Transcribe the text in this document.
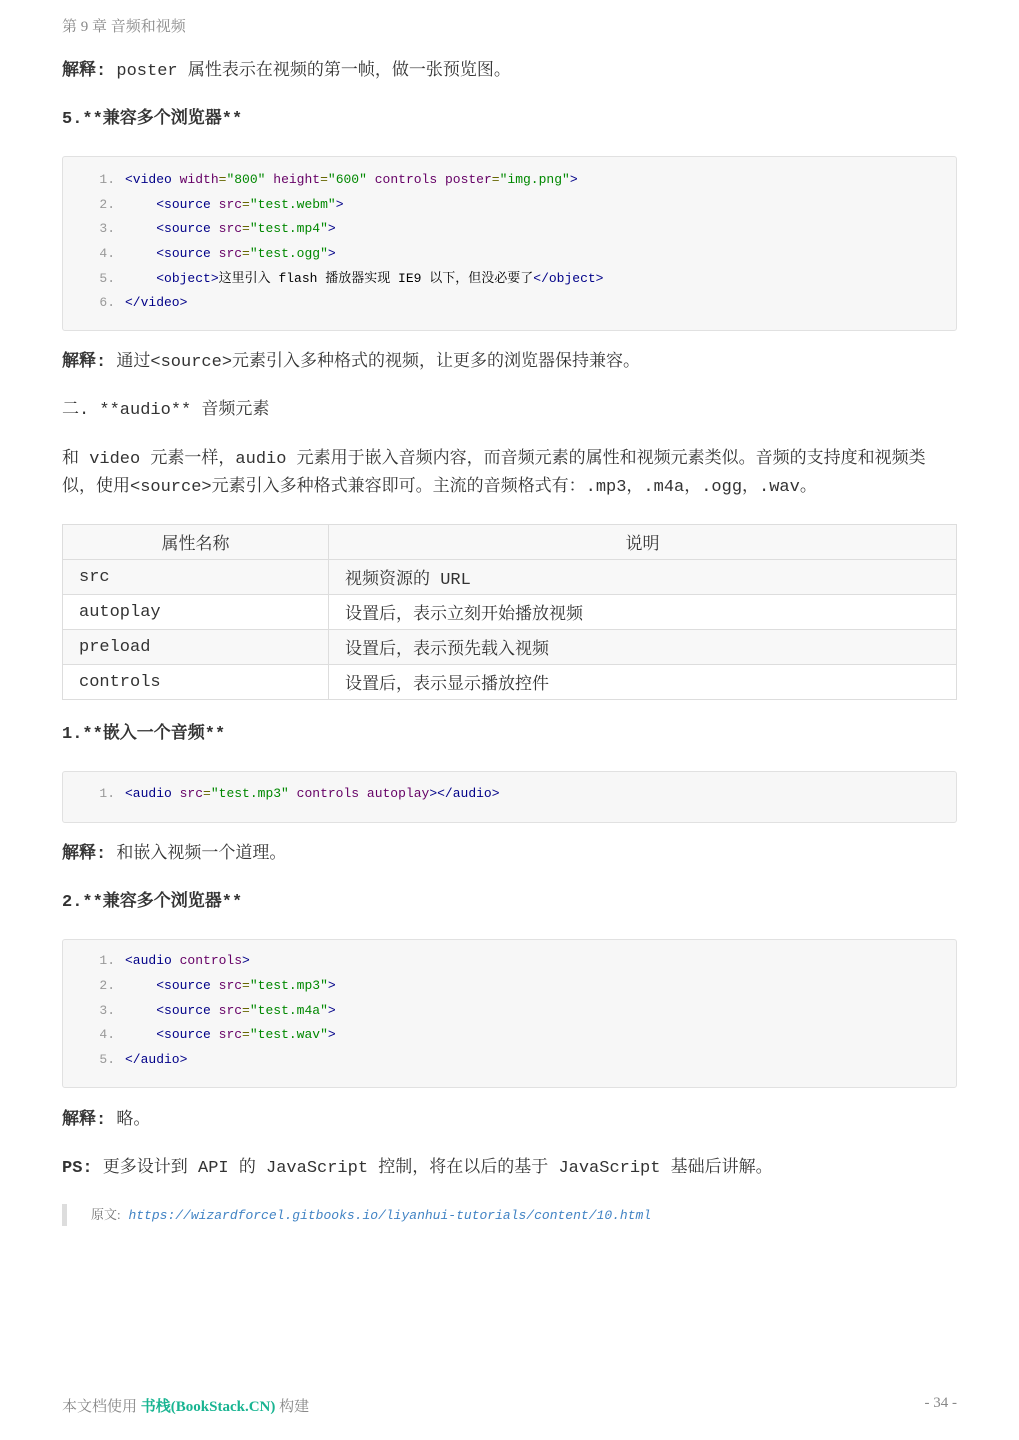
第 9 章 音频和视频

解释: poster 属性表示在视频的第一帧，做一张预览图。

5.**兼容多个浏览器**

1. <video width="800" height="600" controls poster="img.png">
2.	<source src="test.webm">
3.	<source src="test.mp4">
4.	<source src="test.ogg">
5.	<object>这里引入 flash 播放器实现 IE9 以下，但没必要了</object>
6. </video>

解释: 通过<source>元素引入多种格式的视频，让更多的浏览器保持兼容。

二. **audio** 音频元素

和 video 元素一样，audio 元素用于嵌入音频内容，而音频元素的属性和视频元素类似。音频的支持度和视频类似，使用<source>元素引入多种格式兼容即可。主流的音频格式有：.mp3，.m4a，.ogg，.wav。

属性名称	说明
src	视频资源的 URL
autoplay	设置后，表示立刻开始播放视频
preload	设置后，表示预先载入视频
controls	设置后，表示显示播放控件

1.**嵌入一个音频**

1. <audio src="test.mp3" controls autoplay></audio>

解释: 和嵌入视频一个道理。

2.**兼容多个浏览器**

1. <audio controls>
2.	<source src="test.mp3">
3.	<source src="test.m4a">
4.	<source src="test.wav">
5. </audio>

解释: 略。

PS: 更多设计到 API 的 JavaScript 控制，将在以后的基于 JavaScript 基础后讲解。

原文: https://wizardforcel.gitbooks.io/liyanhui-tutorials/content/10.html
本文档使用 书栈(BookStack.CN) 构建	- 34 -
